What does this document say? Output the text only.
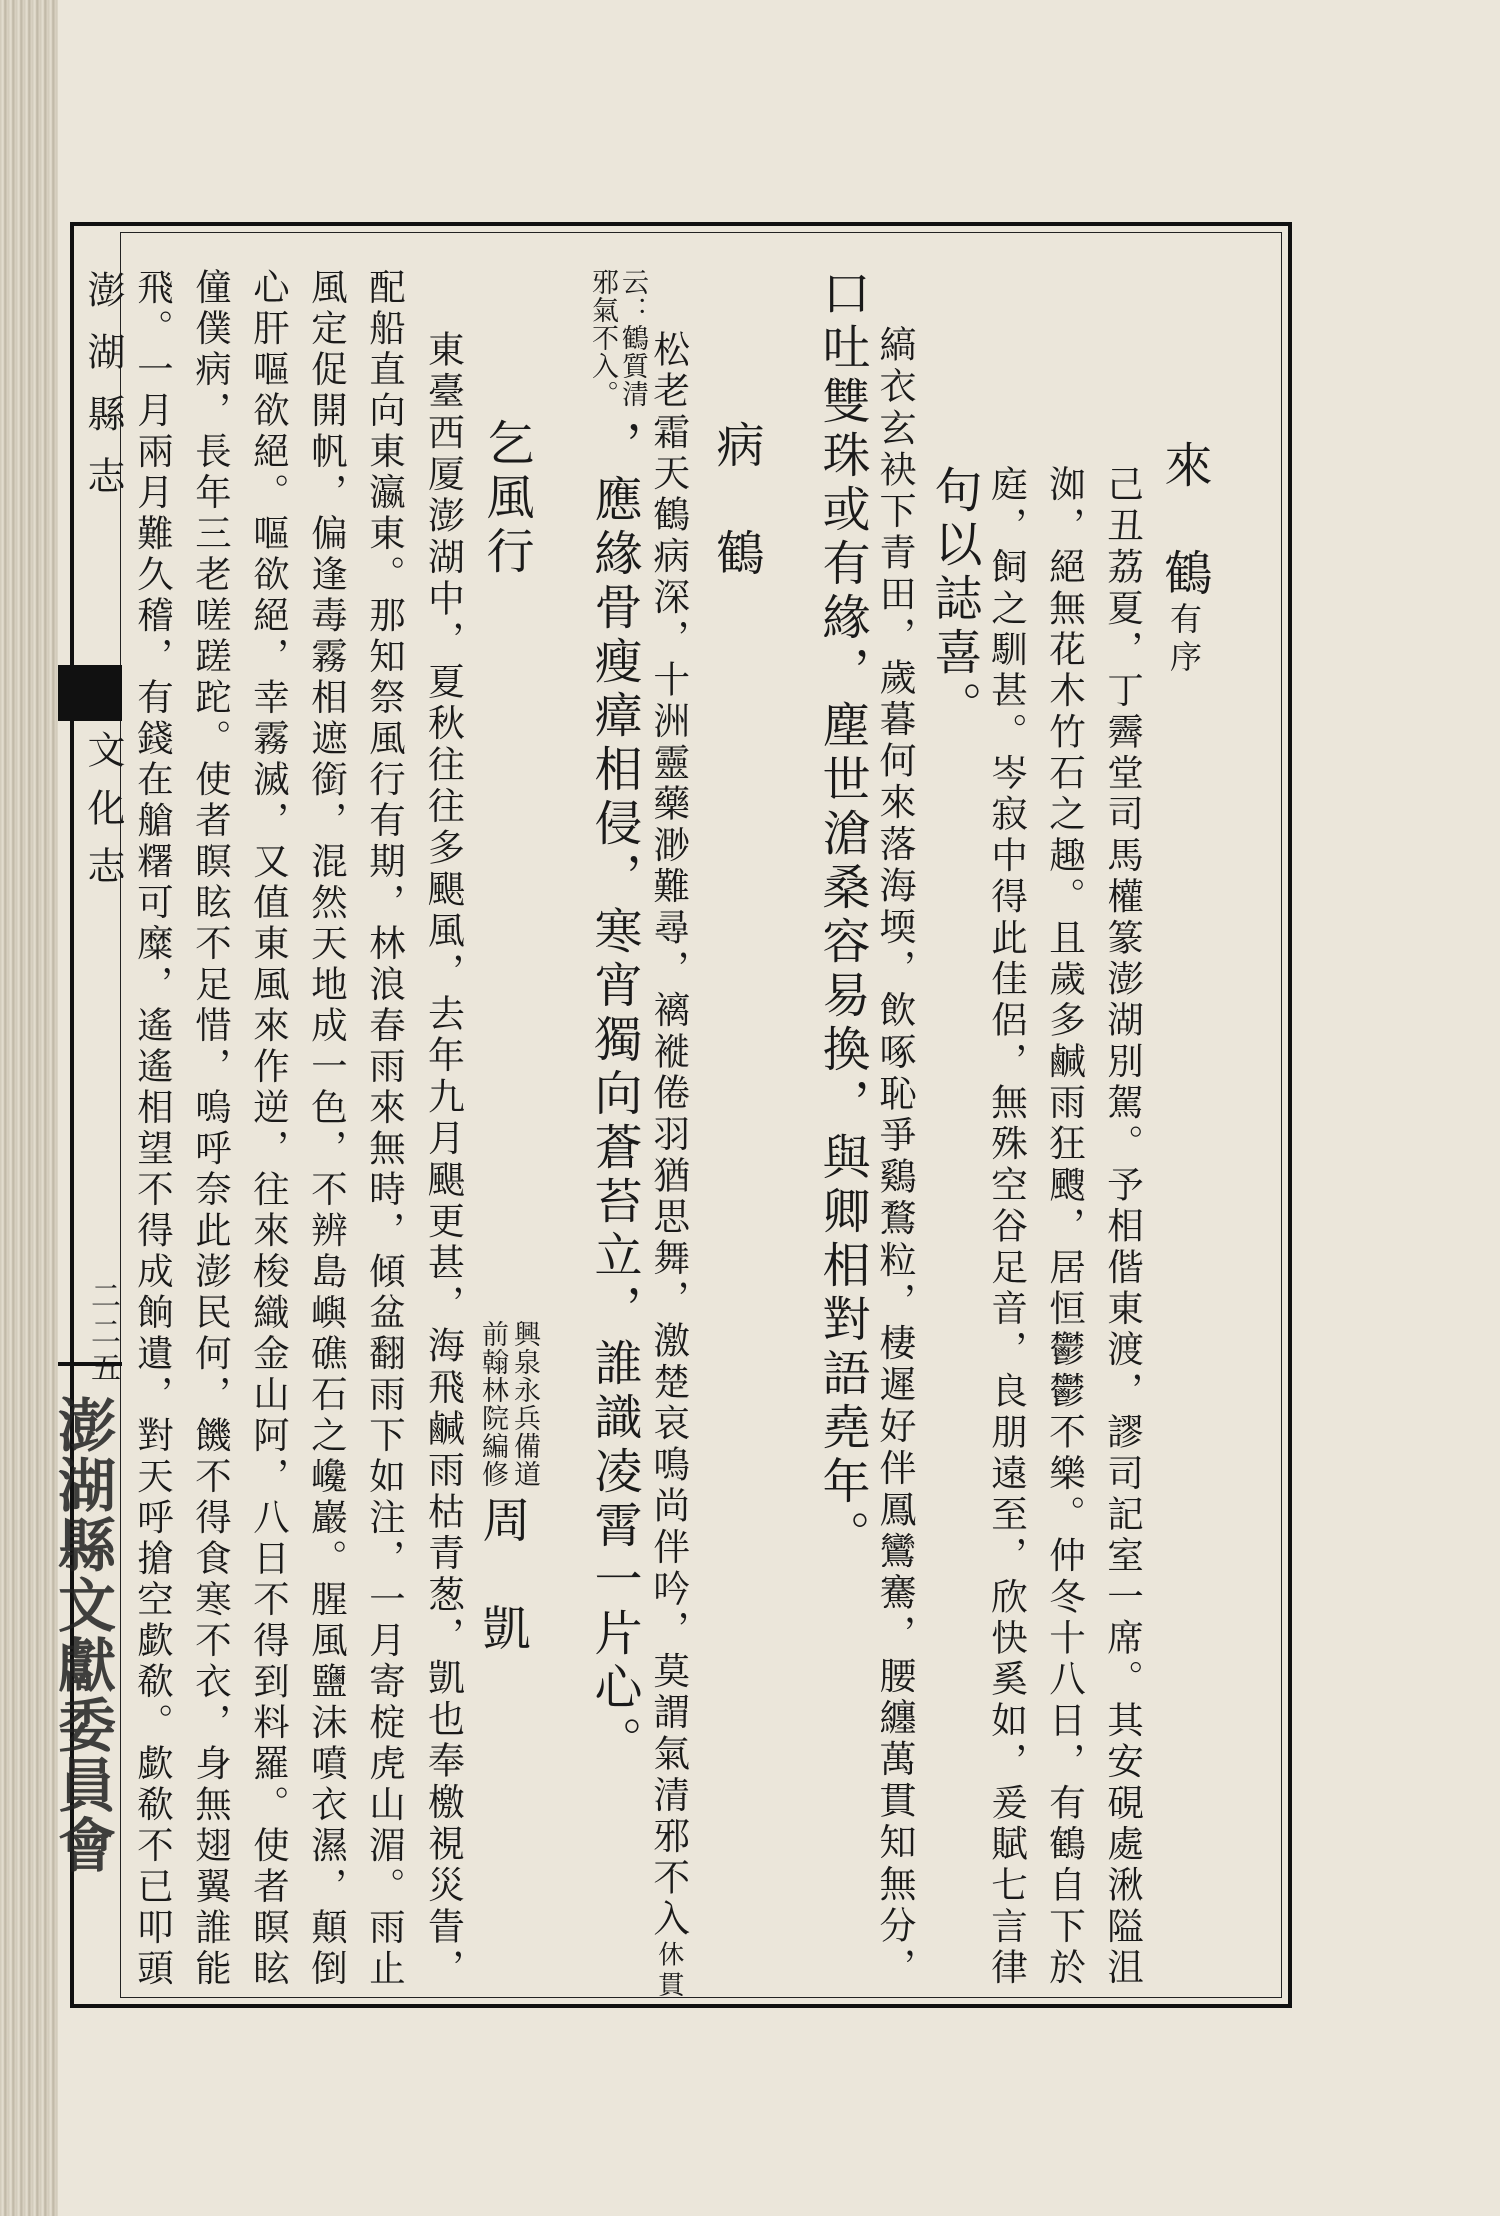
澎湖縣志
文化志
二二五
澎湖縣文獻委員會
來　鶴有序
己丑荔夏，丁霽堂司馬權篆澎湖別駕。予相偕東渡，謬司記室一席。其安硯處湫隘沮
洳，絕無花木竹石之趣。且歲多鹹雨狂颼，居恒鬱鬱不樂。仲冬十八日，有鶴自下於
庭，飼之馴甚。岑寂中得此佳侶，無殊空谷足音，良朋遠至，欣快奚如，爰賦七言律
句以誌喜。
縞衣玄袂下青田，歲暮何來落海堧，飲啄恥爭鷄鶩粒，棲遲好伴鳳鸞騫，腰纏萬貫知無分，
口吐雙珠或有緣，塵世滄桑容易換，與卿相對語堯年。
病　鶴
松老霜天鶴病深，十洲靈藥渺難尋，褵褷倦羽猶思舞，激楚哀鳴尚伴吟，莫謂氣清邪不入休貫
云：鶴質清
邪氣不入。
，應緣骨瘦瘴相侵，寒宵獨向蒼苔立，誰識凌霄一片心。
乞風行
興泉永兵備道
前翰林院編修
周　凱
東臺西厦澎湖中，夏秋往往多颶風，去年九月颶更甚，海飛鹹雨枯青葱，凱也奉檄視災眚，
配船直向東瀛東。那知祭風行有期，林浪春雨來無時，傾盆翻雨下如注，一月寄椗虎山湄。雨止
風定促開帆，偏逢毒霧相遮銜，混然天地成一色，不辨島嶼礁石之巉巖。腥風鹽沫噴衣濕，顛倒
心肝嘔欲絕。嘔欲絕，幸霧滅，又值東風來作逆，往來梭織金山阿，八日不得到料羅。使者瞑眩
僮僕病，長年三老嗟蹉跎。使者瞑眩不足惜，嗚呼奈此澎民何，饑不得食寒不衣，身無翅翼誰能
飛。一月兩月難久稽，有錢在艙糬可糜，遙遙相望不得成餉遺，對天呼搶空歔欷。歔欷不已叩頭
